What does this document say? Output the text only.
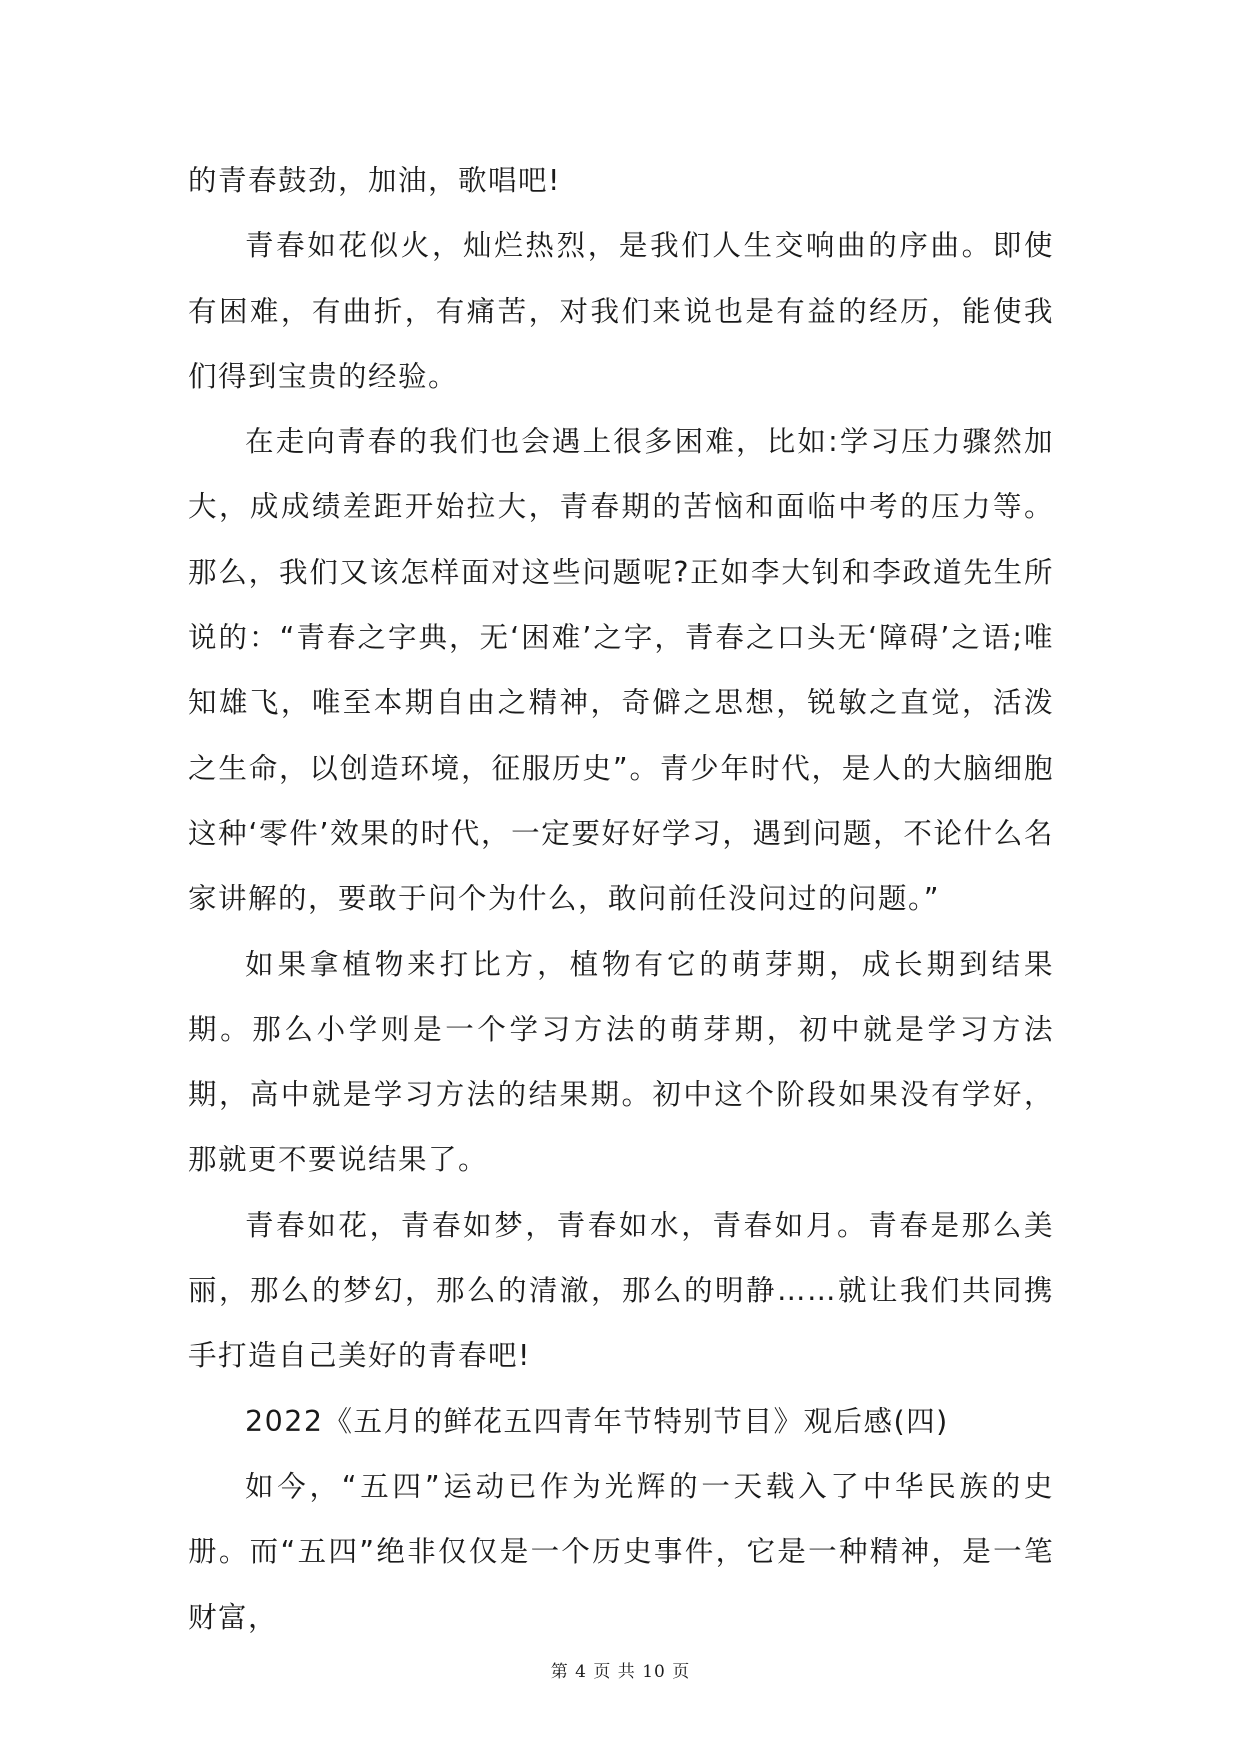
的青春鼓劲，加油，歌唱吧!

青春如花似火，灿烂热烈，是我们人生交响曲的序曲。即使有困难，有曲折，有痛苦，对我们来说也是有益的经历，能使我们得到宝贵的经验。

在走向青春的我们也会遇上很多困难，比如:学习压力骤然加大，成成绩差距开始拉大，青春期的苦恼和面临中考的压力等。那么，我们又该怎样面对这些问题呢?正如李大钊和李政道先生所说的：“青春之字典，无‘困难’之字，青春之口头无‘障碍’之语;唯知雄飞，唯至本期自由之精神，奇僻之思想，锐敏之直觉，活泼之生命，以创造环境，征服历史”。青少年时代，是人的大脑细胞这种‘零件’效果的时代，一定要好好学习，遇到问题，不论什么名家讲解的，要敢于问个为什么，敢问前任没问过的问题。”

如果拿植物来打比方，植物有它的萌芽期，成长期到结果期。那么小学则是一个学习方法的萌芽期，初中就是学习方法期，高中就是学习方法的结果期。初中这个阶段如果没有学好，那就更不要说结果了。

青春如花，青春如梦，青春如水，青春如月。青春是那么美丽，那么的梦幻，那么的清澈，那么的明静……就让我们共同携手打造自己美好的青春吧!

2022《五月的鲜花五四青年节特别节目》观后感(四)

如今，“五四”运动已作为光辉的一天载入了中华民族的史册。而“五四”绝非仅仅是一个历史事件，它是一种精神，是一笔财富，

第 4 页 共 10 页
